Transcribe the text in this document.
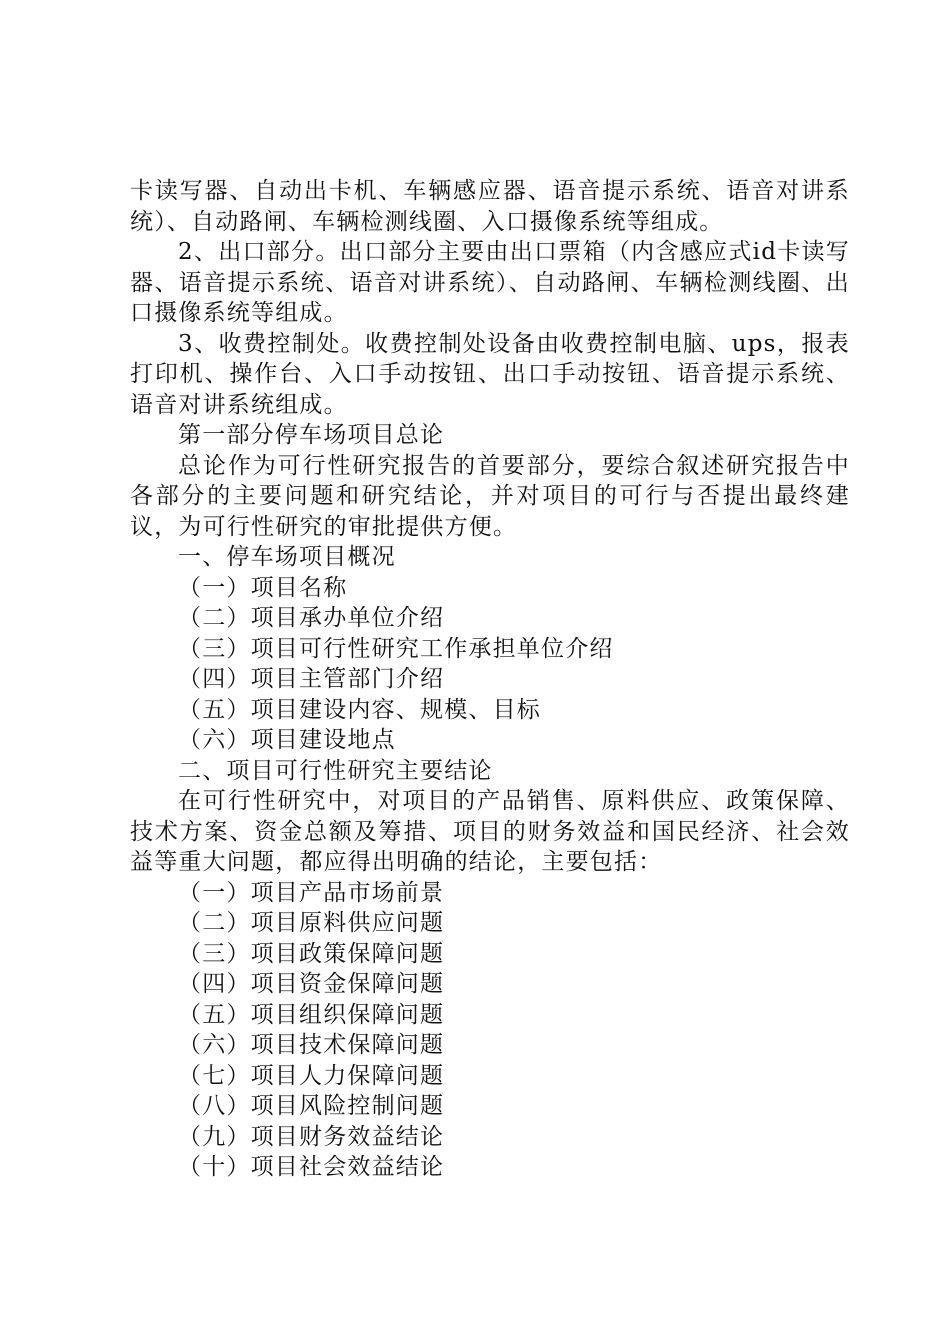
卡读写器、自动出卡机、车辆感应器、语音提示系统、语音对讲系统）、自动路闸、车辆检测线圈、入口摄像系统等组成。

2、出口部分。出口部分主要由出口票箱（内含感应式id卡读写器、语音提示系统、语音对讲系统）、自动路闸、车辆检测线圈、出口摄像系统等组成。

3、收费控制处。收费控制处设备由收费控制电脑、ups，报表打印机、操作台、入口手动按钮、出口手动按钮、语音提示系统、语音对讲系统组成。

第一部分停车场项目总论

总论作为可行性研究报告的首要部分，要综合叙述研究报告中各部分的主要问题和研究结论，并对项目的可行与否提出最终建议，为可行性研究的审批提供方便。

一、停车场项目概况

（一）项目名称

（二）项目承办单位介绍

（三）项目可行性研究工作承担单位介绍

（四）项目主管部门介绍

（五）项目建设内容、规模、目标

（六）项目建设地点

二、项目可行性研究主要结论

在可行性研究中，对项目的产品销售、原料供应、政策保障、技术方案、资金总额及筹措、项目的财务效益和国民经济、社会效益等重大问题，都应得出明确的结论，主要包括：

（一）项目产品市场前景

（二）项目原料供应问题

（三）项目政策保障问题

（四）项目资金保障问题

（五）项目组织保障问题

（六）项目技术保障问题

（七）项目人力保障问题

（八）项目风险控制问题

（九）项目财务效益结论

（十）项目社会效益结论
